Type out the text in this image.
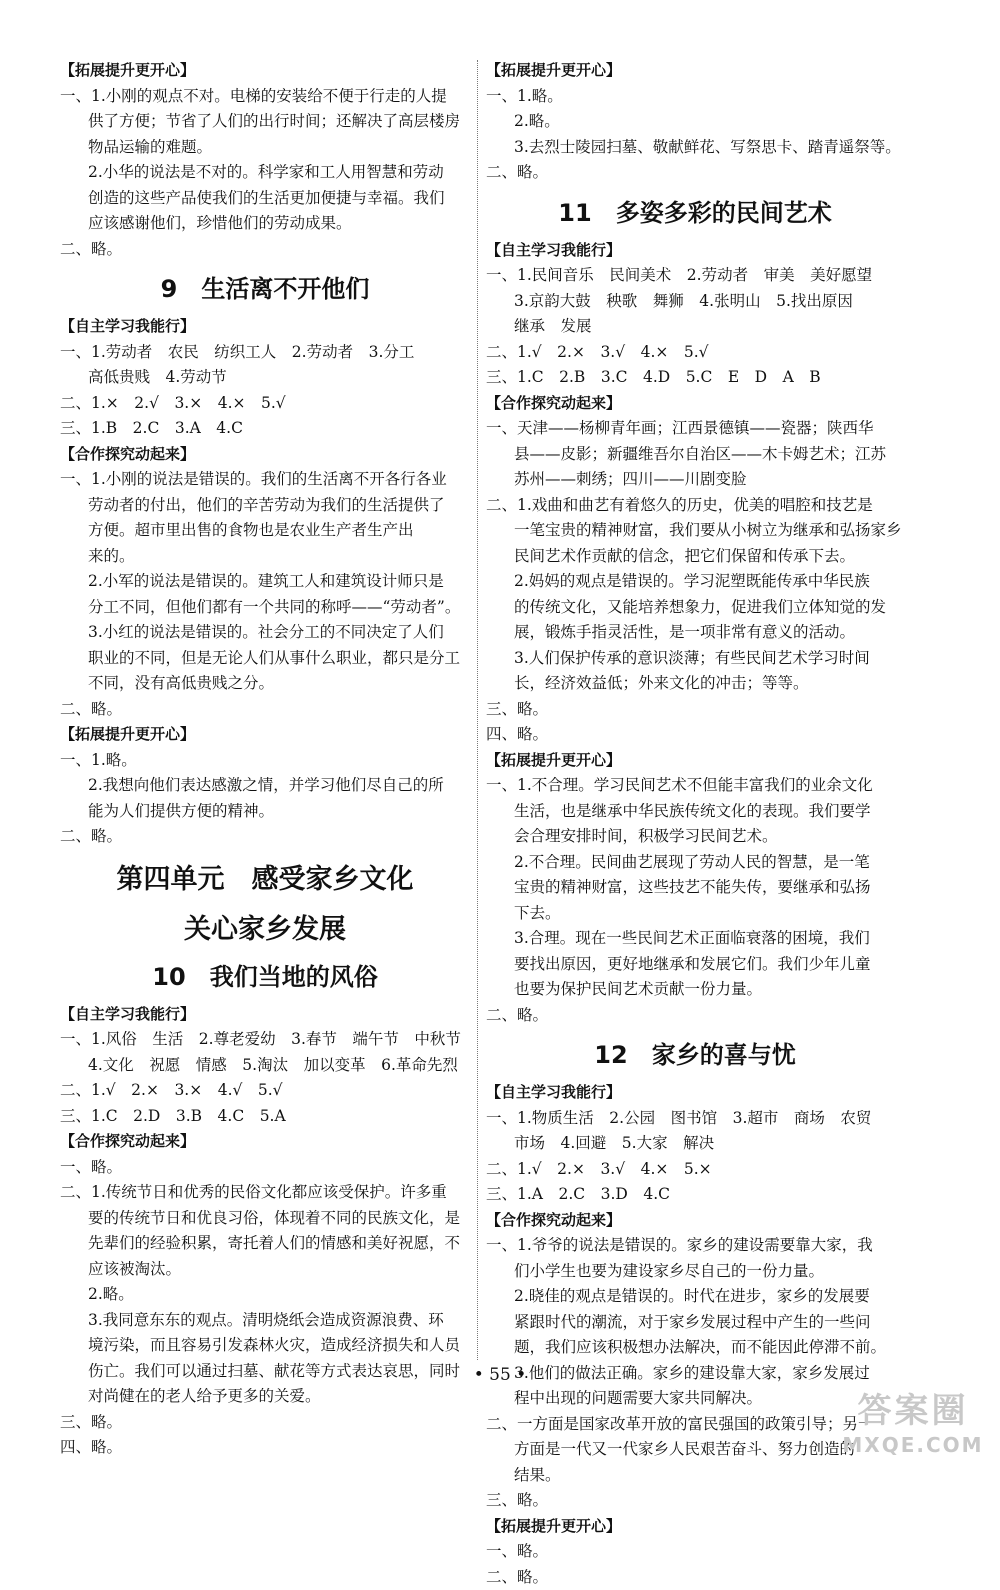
【拓展提升更开心】
一、1.小刚的观点不对。电梯的安装给不便于行走的人提
供了方便；节省了人们的出行时间；还解决了高层楼房
物品运输的难题。
2.小华的说法是不对的。科学家和工人用智慧和劳动
创造的这些产品使我们的生活更加便捷与幸福。我们
应该感谢他们，珍惜他们的劳动成果。
二、略。
9　生活离不开他们
【自主学习我能行】
一、1.劳动者　农民　纺织工人　2.劳动者　3.分工
高低贵贱　4.劳动节
二、1.×　2.√　3.×　4.×　5.√
三、1.B　2.C　3.A　4.C
【合作探究动起来】
一、1.小刚的说法是错误的。我们的生活离不开各行各业
劳动者的付出，他们的辛苦劳动为我们的生活提供了
方便。超市里出售的食物也是农业生产者生产出
来的。
2.小军的说法是错误的。建筑工人和建筑设计师只是
分工不同，但他们都有一个共同的称呼——“劳动者”。
3.小红的说法是错误的。社会分工的不同决定了人们
职业的不同，但是无论人们从事什么职业，都只是分工
不同，没有高低贵贱之分。
二、略。
【拓展提升更开心】
一、1.略。
2.我想向他们表达感激之情，并学习他们尽自己的所
能为人们提供方便的精神。
二、略。
第四单元　感受家乡文化
关心家乡发展
10　我们当地的风俗
【自主学习我能行】
一、1.风俗　生活　2.尊老爱幼　3.春节　端午节　中秋节
4.文化　祝愿　情感　5.淘汰　加以变革　6.革命先烈
二、1.√　2.×　3.×　4.√　5.√
三、1.C　2.D　3.B　4.C　5.A
【合作探究动起来】
一、略。
二、1.传统节日和优秀的民俗文化都应该受保护。许多重
要的传统节日和优良习俗，体现着不同的民族文化，是
先辈们的经验积累，寄托着人们的情感和美好祝愿，不
应该被淘汰。
2.略。
3.我同意东东的观点。清明烧纸会造成资源浪费、环
境污染，而且容易引发森林火灾，造成经济损失和人员
伤亡。我们可以通过扫墓、献花等方式表达哀思，同时
对尚健在的老人给予更多的关爱。
三、略。
四、略。
【拓展提升更开心】
一、1.略。
2.略。
3.去烈士陵园扫墓、敬献鲜花、写祭思卡、踏青遥祭等。
二、略。
11　多姿多彩的民间艺术
【自主学习我能行】
一、1.民间音乐　民间美术　2.劳动者　审美　美好愿望
3.京韵大鼓　秧歌　舞狮　4.张明山　5.找出原因
继承　发展
二、1.√　2.×　3.√　4.×　5.√
三、1.C　2.B　3.C　4.D　5.C　E　D　A　B
【合作探究动起来】
一、天津——杨柳青年画；江西景德镇——瓷器；陕西华
县——皮影；新疆维吾尔自治区——木卡姆艺术；江苏
苏州——刺绣；四川——川剧变脸
二、1.戏曲和曲艺有着悠久的历史，优美的唱腔和技艺是
一笔宝贵的精神财富，我们要从小树立为继承和弘扬家乡
民间艺术作贡献的信念，把它们保留和传承下去。
2.妈妈的观点是错误的。学习泥塑既能传承中华民族
的传统文化，又能培养想象力，促进我们立体知觉的发
展，锻炼手指灵活性，是一项非常有意义的活动。
3.人们保护传承的意识淡薄；有些民间艺术学习时间
长，经济效益低；外来文化的冲击；等等。
三、略。
四、略。
【拓展提升更开心】
一、1.不合理。学习民间艺术不但能丰富我们的业余文化
生活，也是继承中华民族传统文化的表现。我们要学
会合理安排时间，积极学习民间艺术。
2.不合理。民间曲艺展现了劳动人民的智慧，是一笔
宝贵的精神财富，这些技艺不能失传，要继承和弘扬
下去。
3.合理。现在一些民间艺术正面临衰落的困境，我们
要找出原因，更好地继承和发展它们。我们少年儿童
也要为保护民间艺术贡献一份力量。
二、略。
12　家乡的喜与忧
【自主学习我能行】
一、1.物质生活　2.公园　图书馆　3.超市　商场　农贸
市场　4.回避　5.大家　解决
二、1.√　2.×　3.√　4.×　5.×
三、1.A　2.C　3.D　4.C
【合作探究动起来】
一、1.爷爷的说法是错误的。家乡的建设需要靠大家，我
们小学生也要为建设家乡尽自己的一份力量。
2.晓佳的观点是错误的。时代在进步，家乡的发展要
紧跟时代的潮流，对于家乡发展过程中产生的一些问
题，我们应该积极想办法解决，而不能因此停滞不前。
3.他们的做法正确。家乡的建设靠大家，家乡发展过
程中出现的问题需要大家共同解决。
二、一方面是国家改革开放的富民强国的政策引导；另一
方面是一代又一代家乡人民艰苦奋斗、努力创造的
结果。
三、略。
【拓展提升更开心】
一、略。
二、略。
• 55 •
答案圈
MXQE.COM
